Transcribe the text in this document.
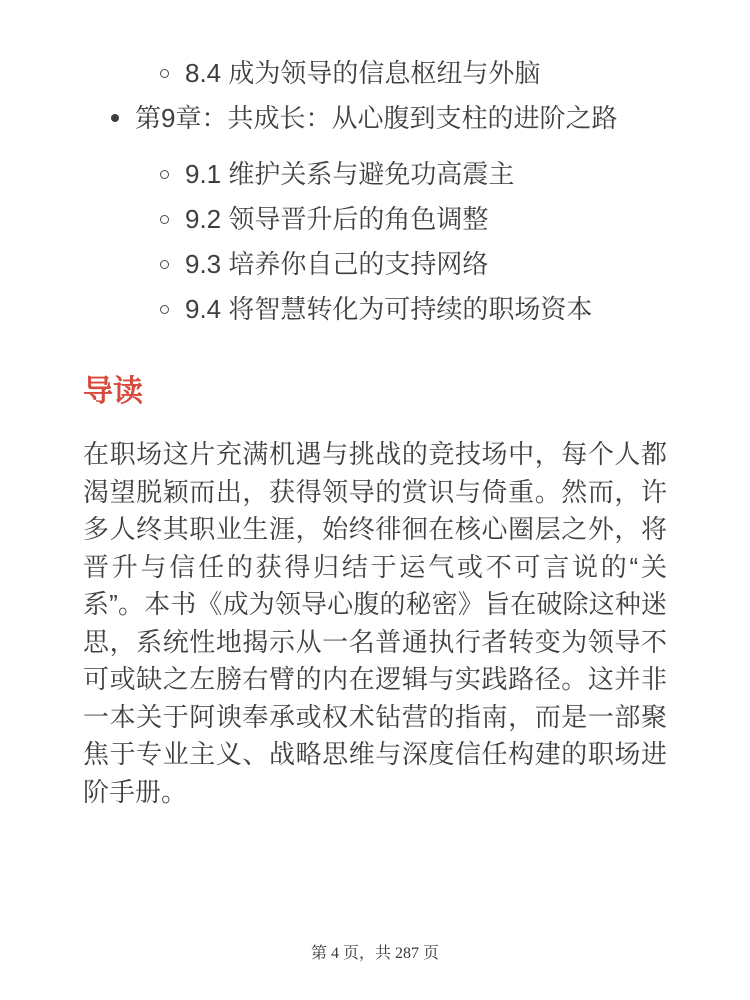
8.4 成为领导的信息枢纽与外脑
第9章：共成长：从心腹到支柱的进阶之路
9.1 维护关系与避免功高震主
9.2 领导晋升后的角色调整
9.3 培养你自己的支持网络
9.4 将智慧转化为可持续的职场资本
导读

在职场这片充满机遇与挑战的竞技场中，每个人都渴望脱颖而出，获得领导的赏识与倚重。然而，许多人终其职业生涯，始终徘徊在核心圈层之外，将晋升与信任的获得归结于运气或不可言说的“关系”。本书《成为领导心腹的秘密》旨在破除这种迷思，系统性地揭示从一名普通执行者转变为领导不可或缺之左膀右臂的内在逻辑与实践路径。这并非一本关于阿谀奉承或权术钻营的指南，而是一部聚焦于专业主义、战略思维与深度信任构建的职场进阶手册。

第 4 页，共 287 页
